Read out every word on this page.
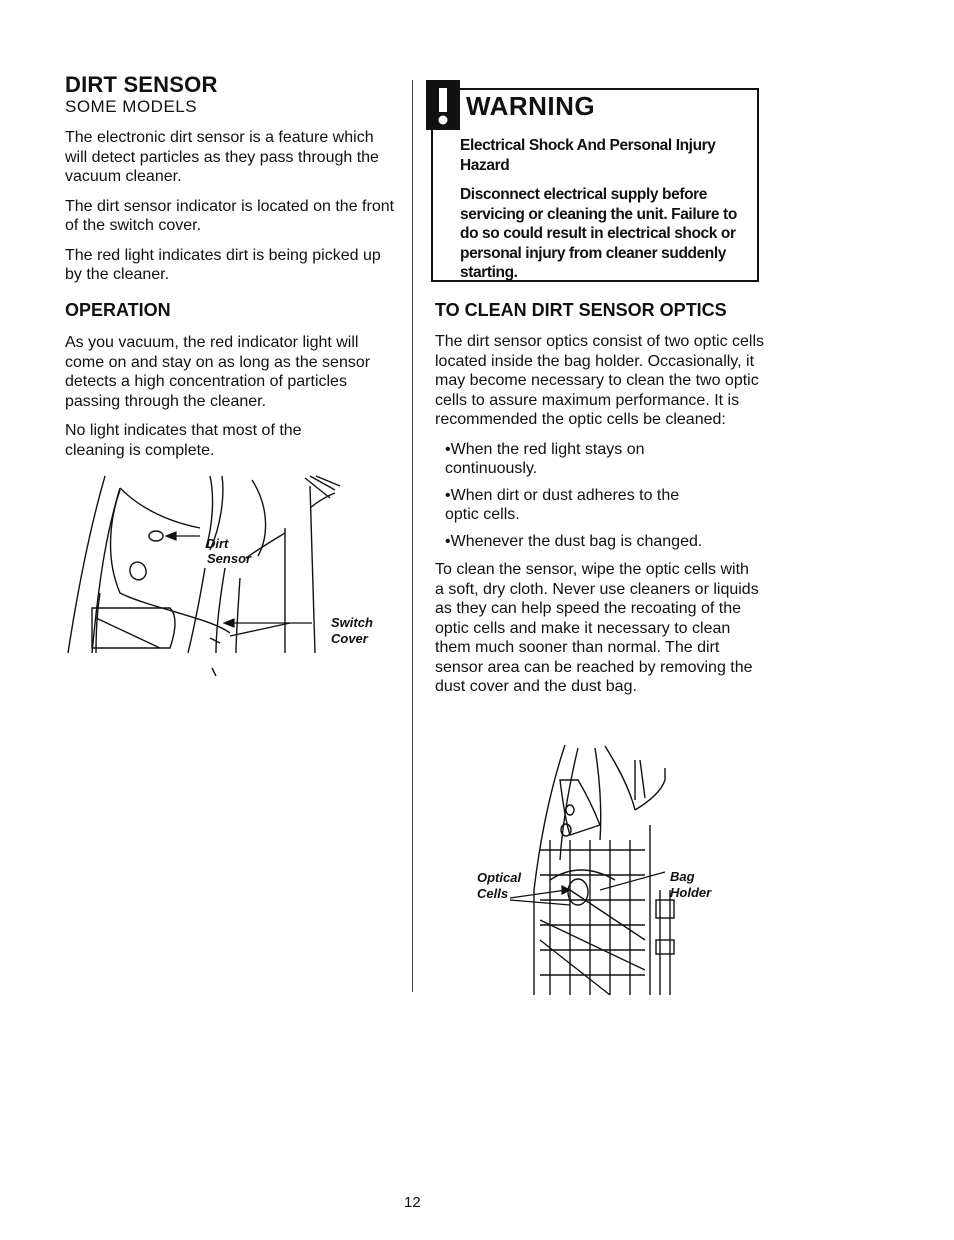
DIRT SENSOR
SOME MODELS

The electronic dirt sensor is a feature which will detect particles as they pass through the vacuum cleaner.

The dirt sensor indicator is located on the front of the switch cover.

The red light indicates dirt is being picked up by the cleaner.

OPERATION

As you vacuum, the red indicator light will come on and stay on as long as the sensor detects a high concentration of particles passing through the cleaner.

No light indicates that most of the cleaning is complete.

Dirt
Sensor
Switch
Cover
WARNING

Electrical Shock And Personal Injury Hazard

Disconnect electrical supply before servicing or cleaning the unit. Failure to do so could result in electrical shock or personal injury from cleaner suddenly starting.

TO CLEAN DIRT SENSOR OPTICS

The dirt sensor optics consist of two optic cells located inside the bag holder. Occasionally, it may become necessary to clean the two optic cells to assure maximum performance. It is recommended the optic cells be cleaned:

•When the red light stays on continuously.

•When dirt or dust adheres to the optic cells.

•Whenever the dust bag is changed.

To clean the sensor, wipe the optic cells with a soft, dry cloth. Never use cleaners or liquids as they can help speed the recoating of the optic cells and make it necessary to clean them much sooner than normal. The dirt sensor area can be reached by removing the dust cover and the dust bag.

Optical
Cells
Bag
Holder
12
